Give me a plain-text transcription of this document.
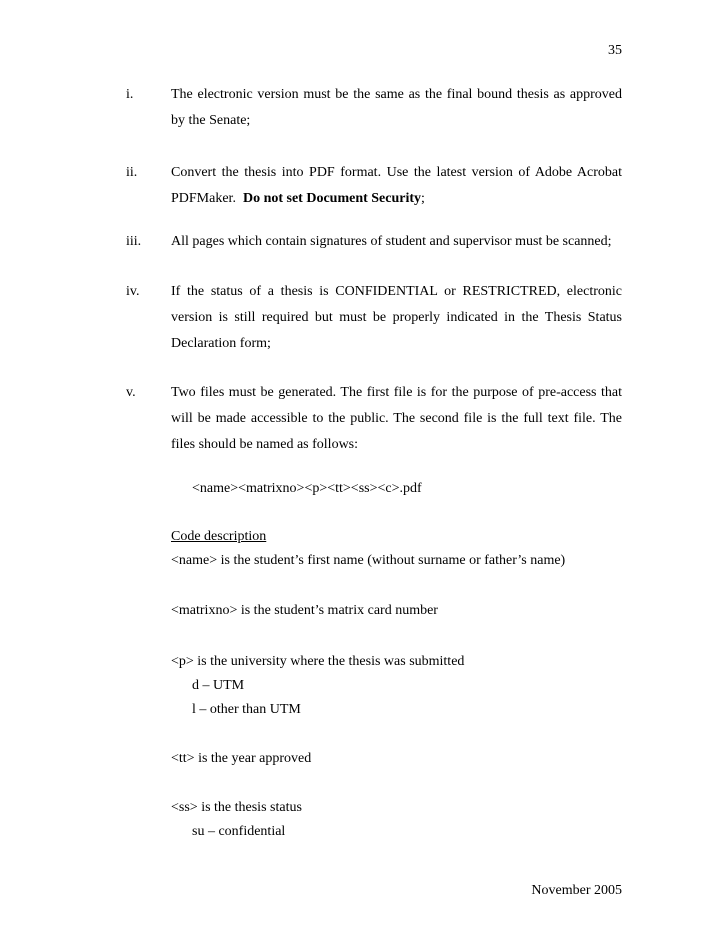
35
i.	The electronic version must be the same as the final bound thesis as approved
by the Senate;
ii. Convert the thesis into PDF format. Use the latest version of Adobe Acrobat
PDFMaker. Do not set Document Security;
iii. All pages which contain signatures of student and supervisor must be scanned;
iv. If the status of a thesis is CONFIDENTIAL or RESTRICTRED, electronic
version is still required but must be properly indicated in the Thesis Status
Declaration form;
v.	Two files must be generated. The first file is for the purpose of pre-access that
will be made accessible to the public. The second file is the full text file. The
files should be named as follows:
<name><matrixno><p><tt><ss><c>.pdf
Code description
<name> is the student’s first name (without surname or father’s name)
<matrixno> is the student’s matrix card number
<p> is the university where the thesis was submitted
d – UTM
l – other than UTM
<tt> is the year approved
<ss> is the thesis status
su – confidential
November 2005
